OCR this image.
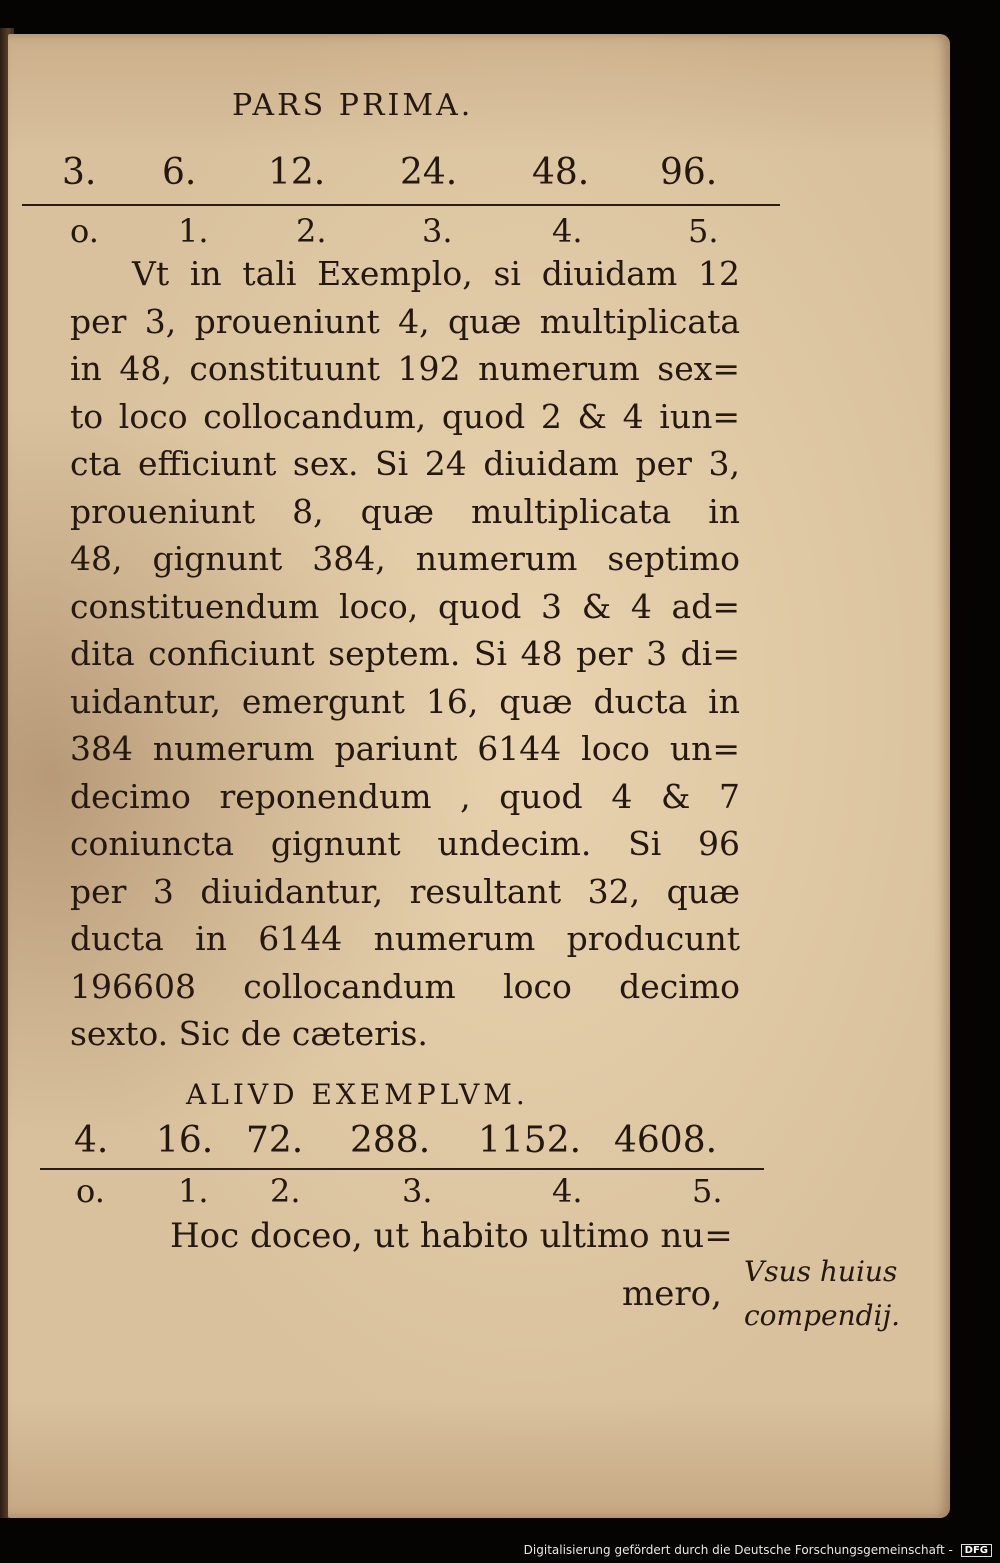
PARS PRIMA.
3. 6. 12. 24. 48. 96.
o. 1.	2.	3.	4.	5.
Vt in tali Exemplo, si diuidam 12
per 3, proueniunt 4, quæ multiplicata
in 48, constituunt 192 numerum sex=
to loco collocandum, quod 2 & 4 iun=
cta efficiunt sex. Si 24 diuidam per 3,
proueniunt 8, quæ multiplicata in
48, gignunt 384, numerum septimo
constituendum loco, quod 3 & 4 ad=
dita conficiunt septem. Si 48 per 3 di=
uidantur, emergunt 16, quæ ducta in
384 numerum pariunt 6144 loco un=
decimo reponendum , quod 4 & 7
coniuncta gignunt undecim. Si 96
per 3 diuidantur, resultant 32, quæ
ducta in 6144 numerum producunt
196608 collocandum loco decimo
sexto. Sic de cæteris.
ALIVD EXEMPLVM.
4. 16. 72. 288. 1152. 4608.
o. 1. 2.	3.	4.	5.
Hoc doceo, ut habito ultimo nu=
mero,
Vsus huius
compendij.
Digitalisierung gefördert durch die Deutsche Forschungsgemeinschaft - DFG
